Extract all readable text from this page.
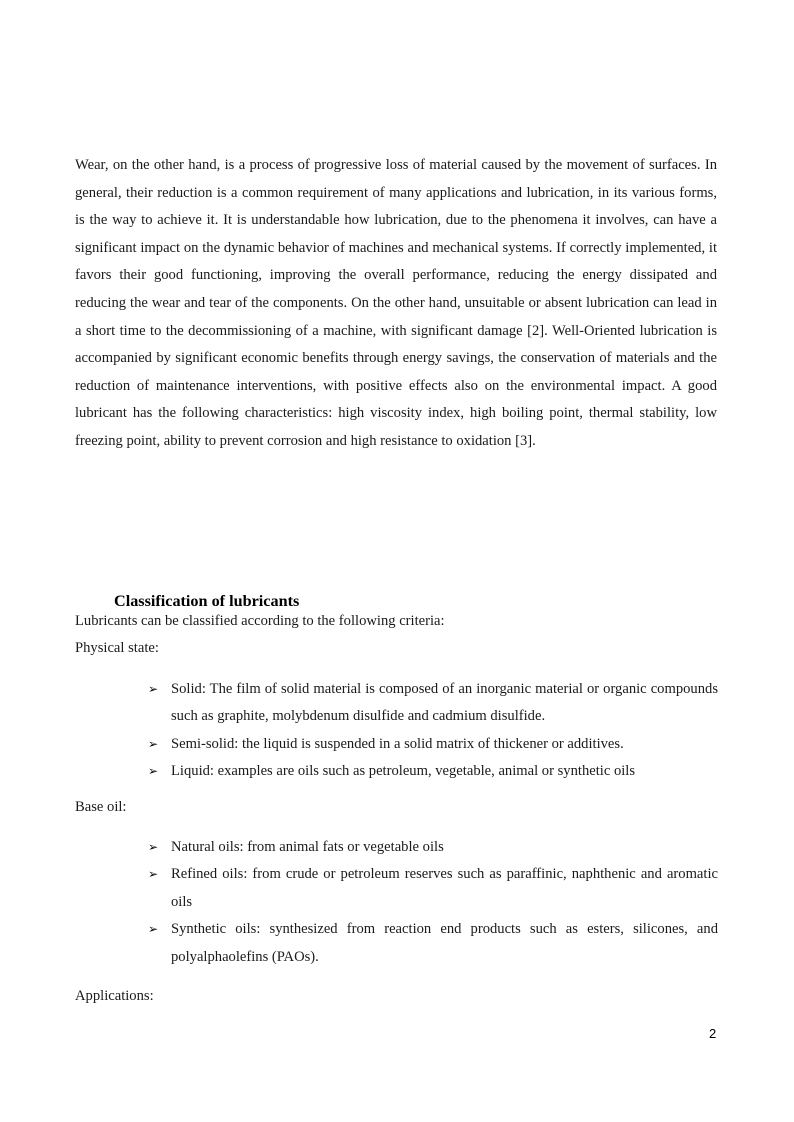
Wear, on the other hand, is a process of progressive loss of material caused by the movement of surfaces. In general, their reduction is a common requirement of many applications and lubrication, in its various forms, is the way to achieve it. It is understandable how lubrication, due to the phenomena it involves, can have a significant impact on the dynamic behavior of machines and mechanical systems. If correctly implemented, it favors their good functioning, improving the overall performance, reducing the energy dissipated and reducing the wear and tear of the components. On the other hand, unsuitable or absent lubrication can lead in a short time to the decommissioning of a machine, with significant damage [2]. Well-Oriented lubrication is accompanied by significant economic benefits through energy savings, the conservation of materials and the reduction of maintenance interventions, with positive effects also on the environmental impact. A good lubricant has the following characteristics: high viscosity index, high boiling point, thermal stability, low freezing point, ability to prevent corrosion and high resistance to oxidation [3].

Classification of lubricants

Lubricants can be classified according to the following criteria:

Physical state:

➢ Solid: The film of solid material is composed of an inorganic material or organic compounds such as graphite, molybdenum disulfide and cadmium disulfide.
➢ Semi-solid: the liquid is suspended in a solid matrix of thickener or additives.
➢ Liquid: examples are oils such as petroleum, vegetable, animal or synthetic oils

Base oil:

➢ Natural oils: from animal fats or vegetable oils
➢ Refined oils: from crude or petroleum reserves such as paraffinic, naphthenic and aromatic oils
➢ Synthetic oils: synthesized from reaction end products such as esters, silicones, and polyalphaolefins (PAOs).

Applications:

2
